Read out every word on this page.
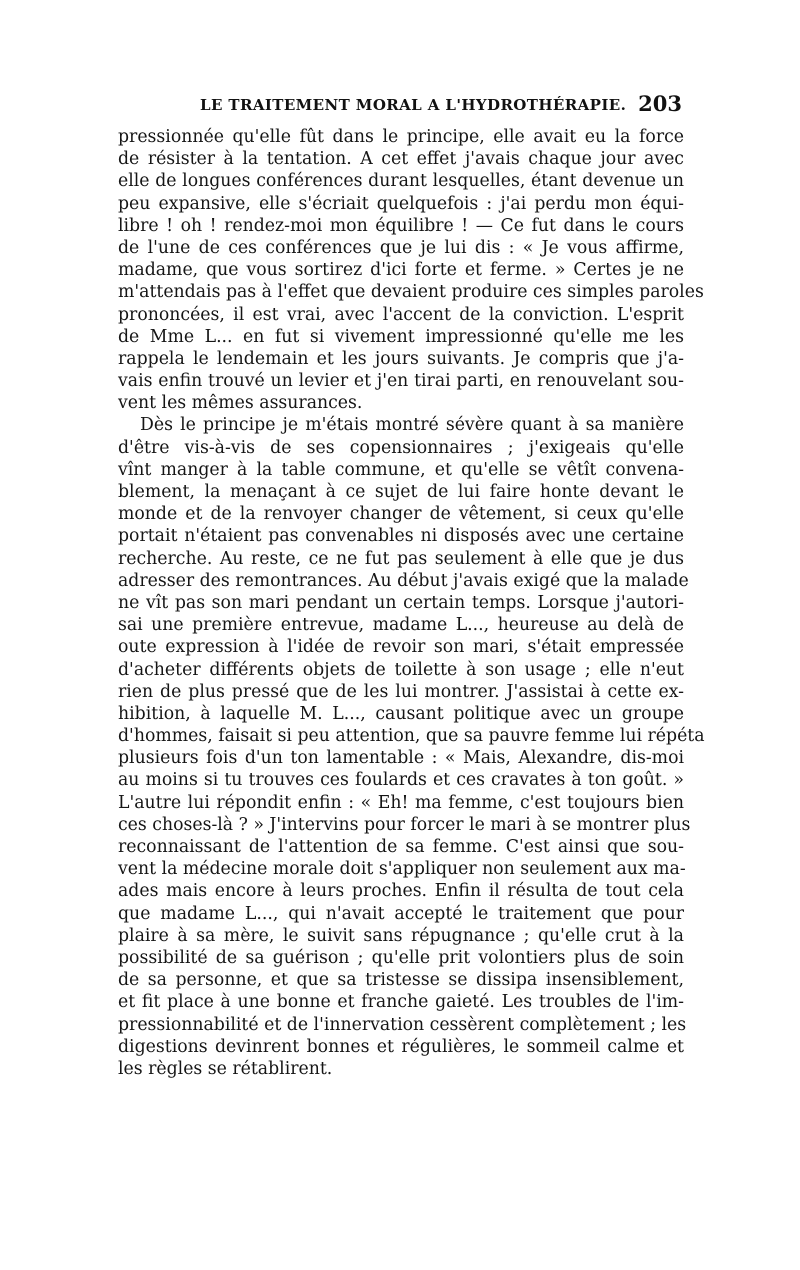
LE TRAITEMENT MORAL A L'HYDROTHÉRAPIE. 203
pressionnée qu'elle fût dans le principe, elle avait eu la force
de résister à la tentation. A cet effet j'avais chaque jour avec
elle de longues conférences durant lesquelles, étant devenue un
peu expansive, elle s'écriait quelquefois : j'ai perdu mon équi-
libre ! oh ! rendez-moi mon équilibre ! — Ce fut dans le cours
de l'une de ces conférences que je lui dis : « Je vous affirme,
madame, que vous sortirez d'ici forte et ferme. » Certes je ne
m'attendais pas à l'effet que devaient produire ces simples paroles
prononcées, il est vrai, avec l'accent de la conviction. L'esprit
de Mme L... en fut si vivement impressionné qu'elle me les
rappela le lendemain et les jours suivants. Je compris que j'a-
vais enfin trouvé un levier et j'en tirai parti, en renouvelant sou-
vent les mêmes assurances.
Dès le principe je m'étais montré sévère quant à sa manière
d'être vis-à-vis de ses copensionnaires ; j'exigeais qu'elle
vînt manger à la table commune, et qu'elle se vêtît convena-
blement, la menaçant à ce sujet de lui faire honte devant le
monde et de la renvoyer changer de vêtement, si ceux qu'elle
portait n'étaient pas convenables ni disposés avec une certaine
recherche. Au reste, ce ne fut pas seulement à elle que je dus
adresser des remontrances. Au début j'avais exigé que la malade
ne vît pas son mari pendant un certain temps. Lorsque j'autori-
sai une première entrevue, madame L..., heureuse au delà de
oute expression à l'idée de revoir son mari, s'était empressée
d'acheter différents objets de toilette à son usage ; elle n'eut
rien de plus pressé que de les lui montrer. J'assistai à cette ex-
hibition, à laquelle M. L..., causant politique avec un groupe
d'hommes, faisait si peu attention, que sa pauvre femme lui répéta
plusieurs fois d'un ton lamentable : « Mais, Alexandre, dis-moi
au moins si tu trouves ces foulards et ces cravates à ton goût. »
L'autre lui répondit enfin : « Eh! ma femme, c'est toujours bien
ces choses-là ? » J'intervins pour forcer le mari à se montrer plus
reconnaissant de l'attention de sa femme. C'est ainsi que sou-
vent la médecine morale doit s'appliquer non seulement aux ma-
ades mais encore à leurs proches. Enfin il résulta de tout cela
que madame L..., qui n'avait accepté le traitement que pour
plaire à sa mère, le suivit sans répugnance ; qu'elle crut à la
possibilité de sa guérison ; qu'elle prit volontiers plus de soin
de sa personne, et que sa tristesse se dissipa insensiblement,
et fit place à une bonne et franche gaieté. Les troubles de l'im-
pressionnabilité et de l'innervation cessèrent complètement ; les
digestions devinrent bonnes et régulières, le sommeil calme et
les règles se rétablirent.
